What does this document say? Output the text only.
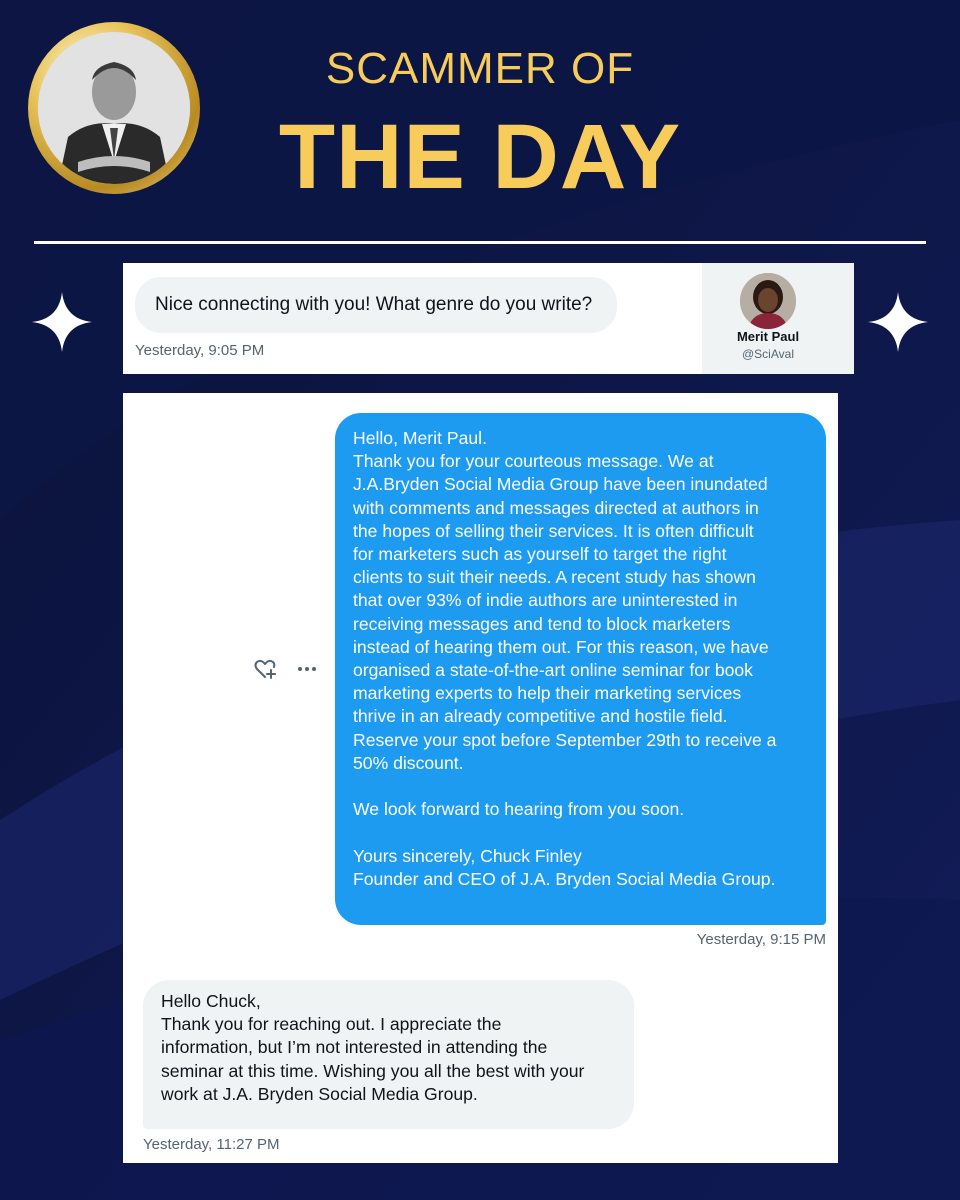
SCAMMER OF
THE DAY
Nice connecting with you! What genre do you write?
Yesterday, 9:05 PM
Merit Paul
@SciAval

Hello, Merit Paul.
Thank you for your courteous message. We at
J.A.Bryden Social Media Group have been inundated
with comments and messages directed at authors in
the hopes of selling their services. It is often difficult
for marketers such as yourself to target the right
clients to suit their needs. A recent study has shown
that over 93% of indie authors are uninterested in
receiving messages and tend to block marketers
instead of hearing them out. For this reason, we have
organised a state-of-the-art online seminar for book
marketing experts to help their marketing services
thrive in an already competitive and hostile field.
Reserve your spot before September 29th to receive a
50% discount.

We look forward to hearing from you soon.

Yours sincerely, Chuck Finley
Founder and CEO of J.A. Bryden Social Media Group.

Yesterday, 9:15 PM
Hello Chuck,
Thank you for reaching out. I appreciate the
information, but I’m not interested in attending the
seminar at this time. Wishing you all the best with your
work at J.A. Bryden Social Media Group.
Yesterday, 11:27 PM
